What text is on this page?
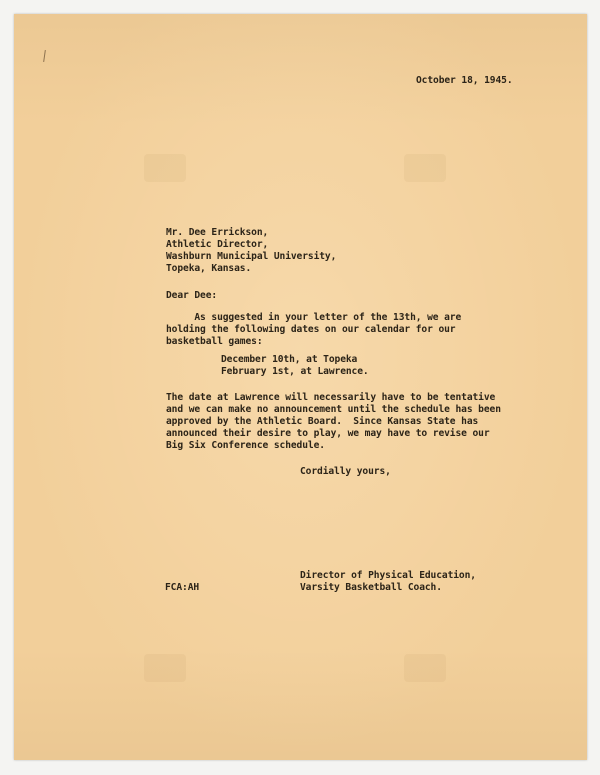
October 18, 1945.
Mr. Dee Errickson,
Athletic Director,
Washburn Municipal University,
Topeka, Kansas.
Dear Dee:
As suggested in your letter of the 13th, we are
holding the following dates on our calendar for our
basketball games:
December 10th, at Topeka
February 1st, at Lawrence.
The date at Lawrence will necessarily have to be tentative
and we can make no announcement until the schedule has been
approved by the Athletic Board.  Since Kansas State has
announced their desire to play, we may have to revise our
Big Six Conference schedule.
Cordially yours,
Director of Physical Education,
Varsity Basketball Coach.
FCA:AH
